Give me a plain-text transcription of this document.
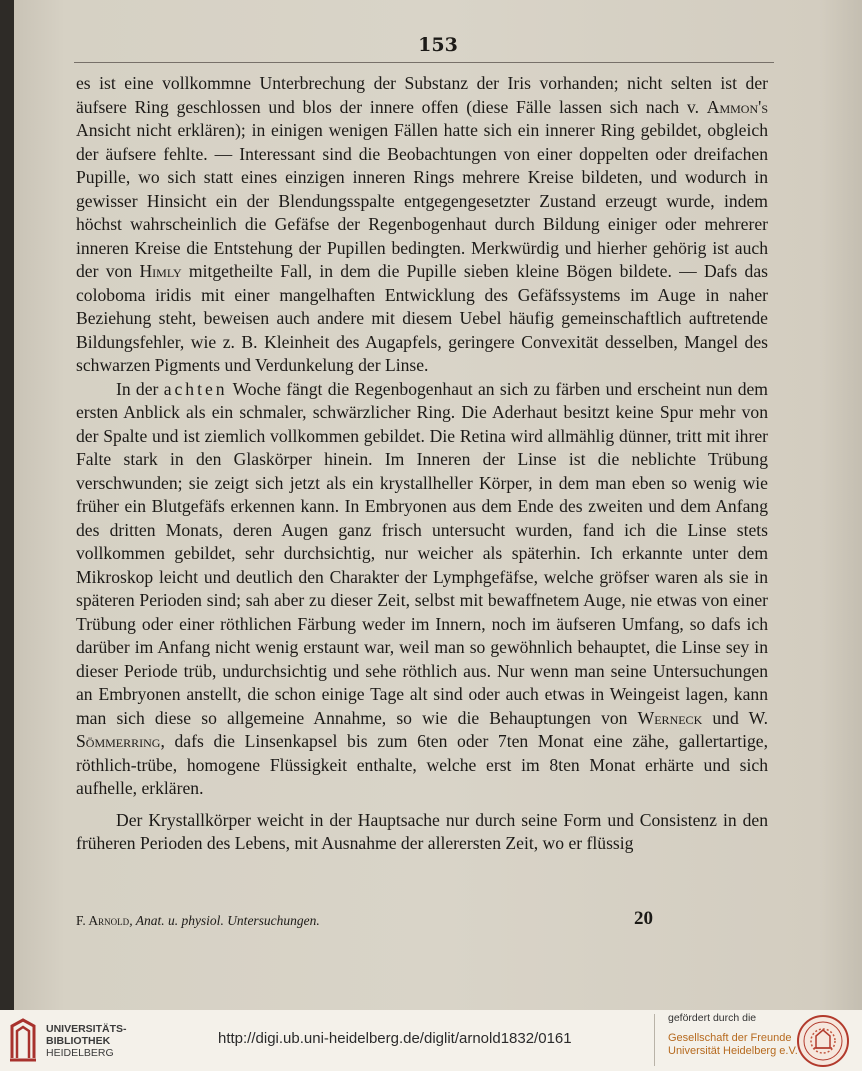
153

es ist eine vollkommne Unterbrechung der Substanz der Iris vorhanden; nicht selten ist der äufsere Ring geschlossen und blos der innere offen (diese Fälle lassen sich nach v. Ammon's Ansicht nicht erklären); in einigen wenigen Fällen hatte sich ein innerer Ring gebildet, obgleich der äufsere fehlte. — Interessant sind die Beobachtungen von einer doppelten oder dreifachen Pupille, wo sich statt eines einzigen inneren Rings mehrere Kreise bildeten, und wodurch in gewisser Hinsicht ein der Blendungsspalte entgegengesetzter Zustand erzeugt wurde, indem höchst wahrscheinlich die Gefäfse der Regenbogenhaut durch Bildung einiger oder mehrerer inneren Kreise die Entstehung der Pupillen bedingten. Merkwürdig und hierher gehörig ist auch der von Himly mitgetheilte Fall, in dem die Pupille sieben kleine Bögen bildete. — Dafs das coloboma iridis mit einer mangelhaften Entwicklung des Gefäfssystems im Auge in naher Beziehung steht, beweisen auch andere mit diesem Uebel häufig gemeinschaftlich auftretende Bildungsfehler, wie z. B. Kleinheit des Augapfels, geringere Convexität desselben, Mangel des schwarzen Pigments und Verdunkelung der Linse.

In der achten Woche fängt die Regenbogenhaut an sich zu färben und erscheint nun dem ersten Anblick als ein schmaler, schwärzlicher Ring. Die Aderhaut besitzt keine Spur mehr von der Spalte und ist ziemlich vollkommen gebildet. Die Retina wird allmählig dünner, tritt mit ihrer Falte stark in den Glaskörper hinein. Im Inneren der Linse ist die neblichte Trübung verschwunden; sie zeigt sich jetzt als ein krystallheller Körper, in dem man eben so wenig wie früher ein Blutgefäfs erkennen kann. In Embryonen aus dem Ende des zweiten und dem Anfang des dritten Monats, deren Augen ganz frisch untersucht wurden, fand ich die Linse stets vollkommen gebildet, sehr durchsichtig, nur weicher als späterhin. Ich erkannte unter dem Mikroskop leicht und deutlich den Charakter der Lymphgefäfse, welche gröfser waren als sie in späteren Perioden sind; sah aber zu dieser Zeit, selbst mit bewaffnetem Auge, nie etwas von einer Trübung oder einer röthlichen Färbung weder im Innern, noch im äufseren Umfang, so dafs ich darüber im Anfang nicht wenig erstaunt war, weil man so gewöhnlich behauptet, die Linse sey in dieser Periode trüb, undurchsichtig und sehe röthlich aus. Nur wenn man seine Untersuchungen an Embryonen anstellt, die schon einige Tage alt sind oder auch etwas in Weingeist lagen, kann man sich diese so allgemeine Annahme, so wie die Behauptungen von Werneck und W. Sömmerring, dafs die Linsenkapsel bis zum 6ten oder 7ten Monat eine zähe, gallertartige, röthlich-trübe, homogene Flüssigkeit enthalte, welche erst im 8ten Monat erhärte und sich aufhelle, erklären.

Der Krystallkörper weicht in der Hauptsache nur durch seine Form und Consistenz in den früheren Perioden des Lebens, mit Ausnahme der allerersten Zeit, wo er flüssig

F. Arnold, Anat. u. physiol. Untersuchungen.	20
UNIVERSITÄTS-
BIBLIOTHEK
HEIDELBERG
http://digi.ub.uni-heidelberg.de/diglit/arnold1832/0161
gefördert durch die
Gesellschaft der Freunde
Universität Heidelberg e.V.
